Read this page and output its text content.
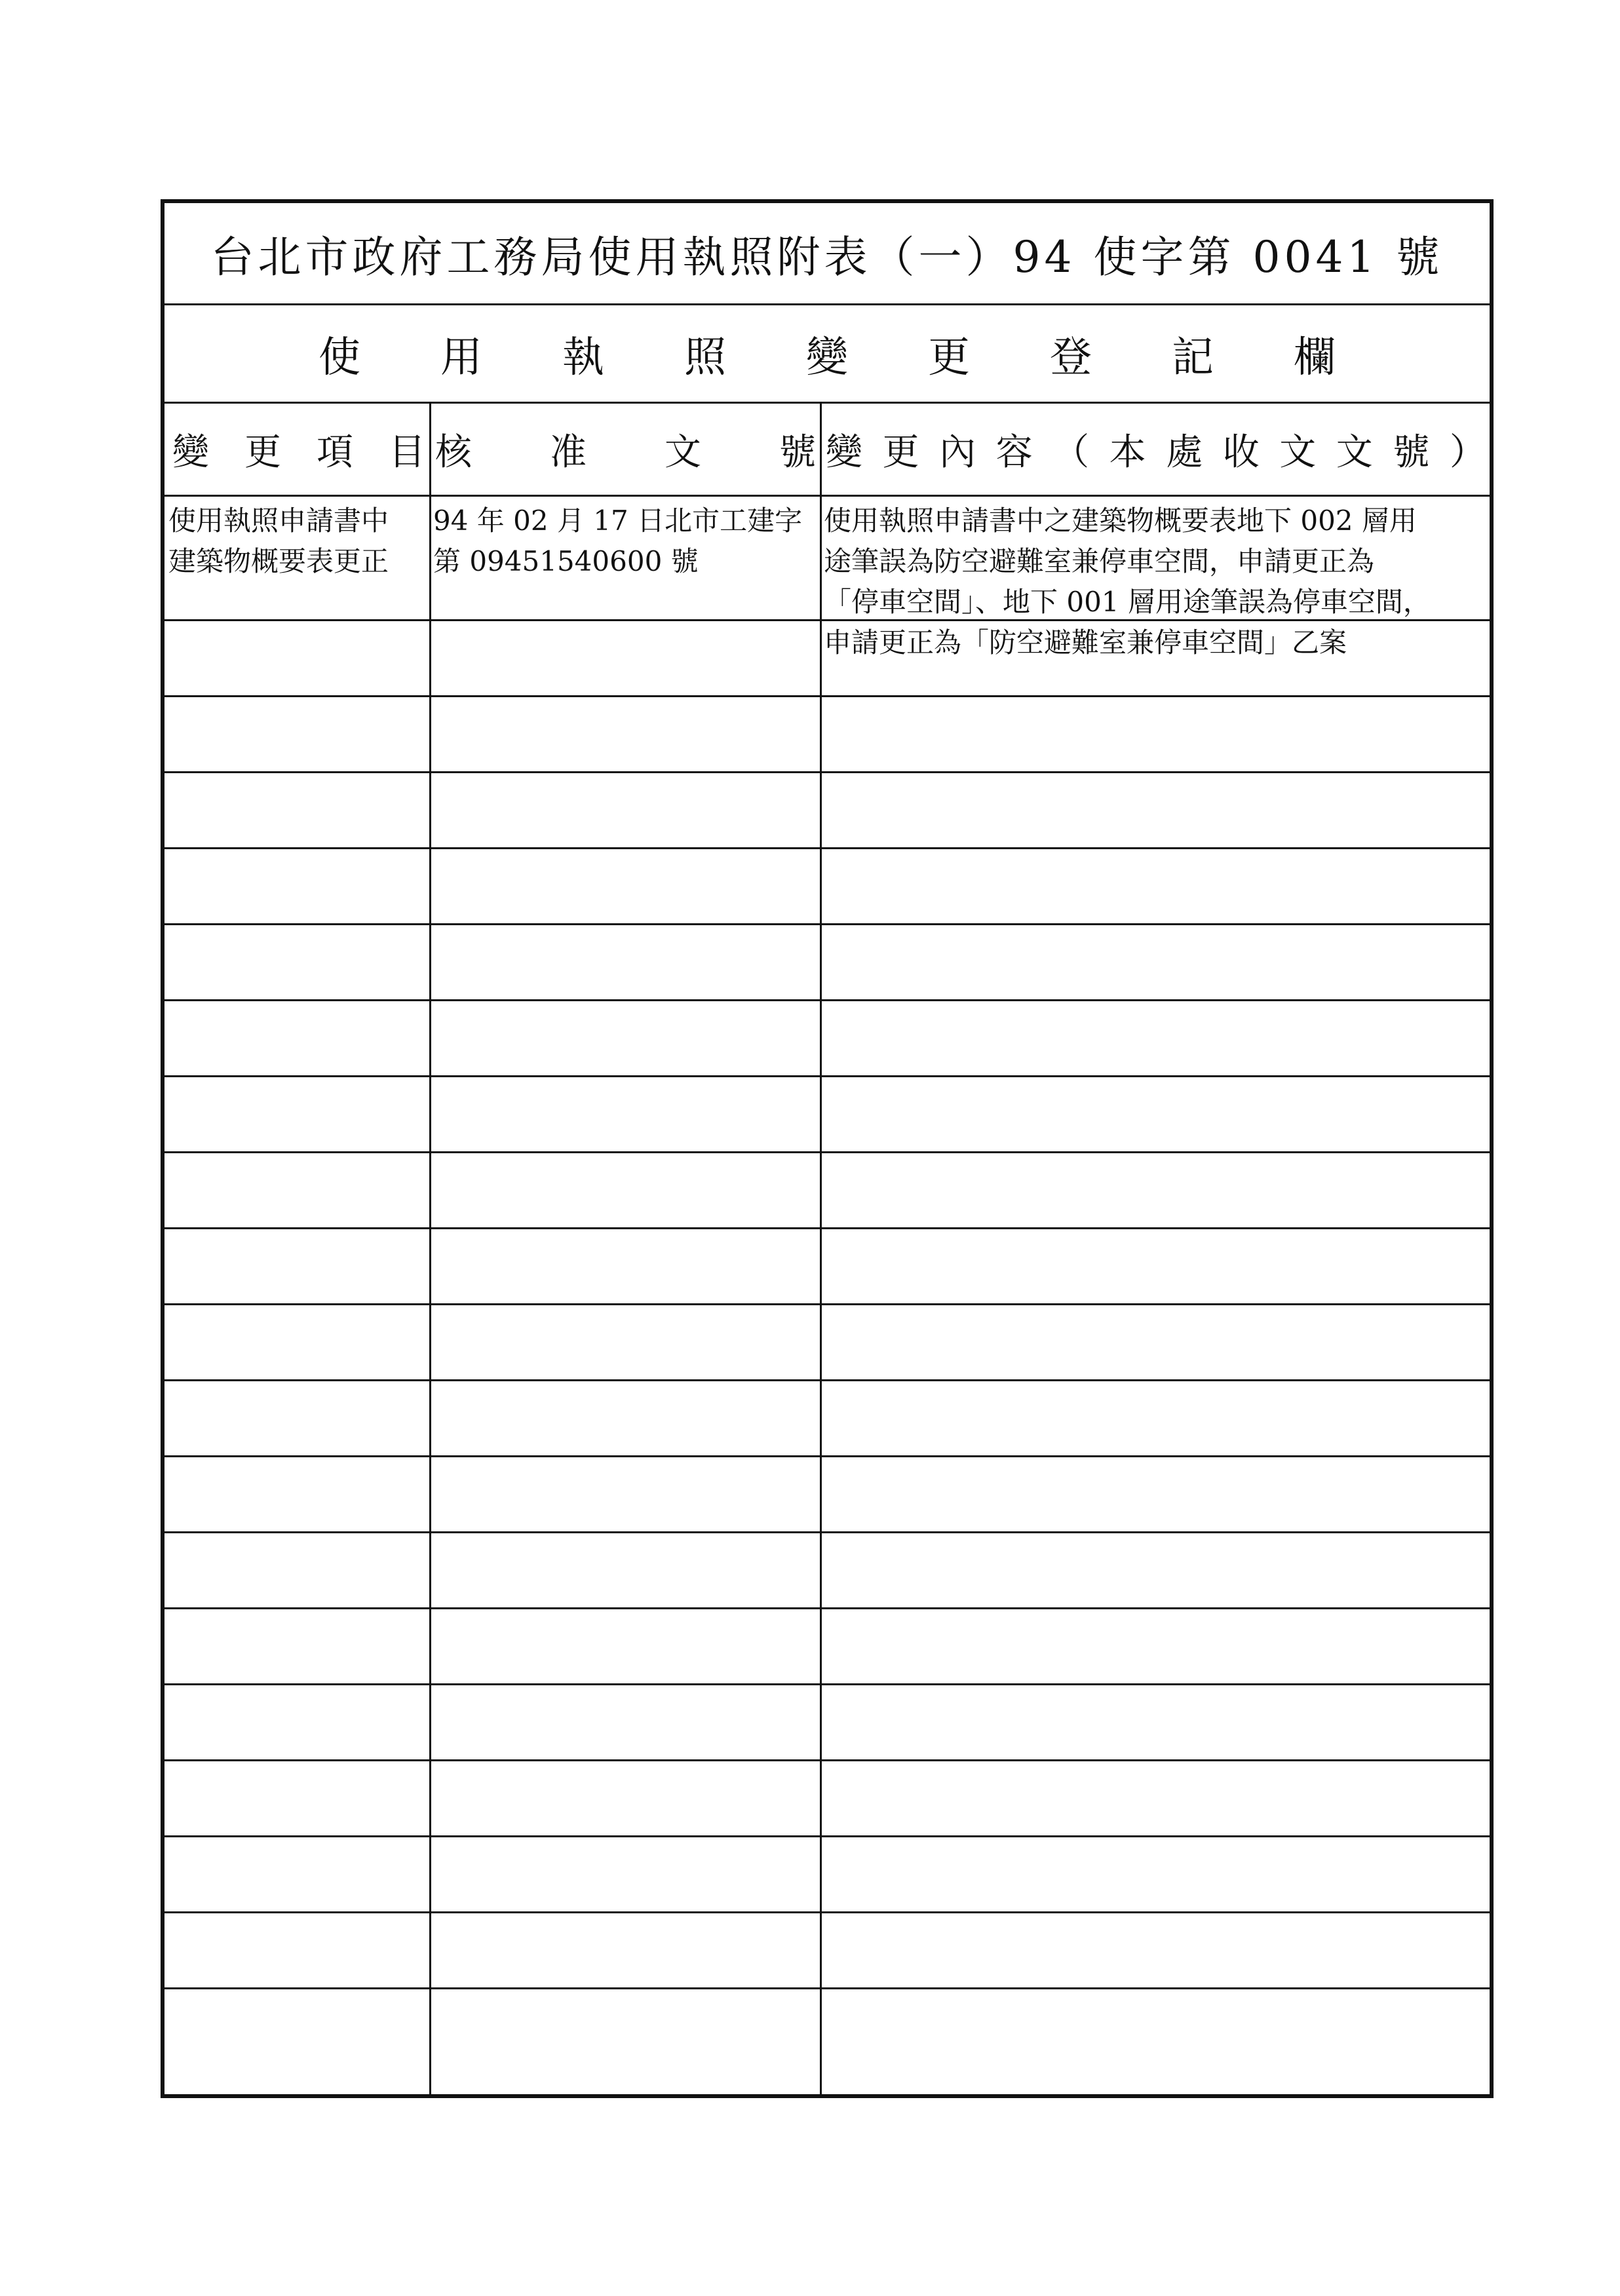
台北市政府工務局使用執照附表（一）94 使字第 0041 號
使用執照變更登記欄
變 更 項 目 核 准 文 號 變 更 內 容 （ 本 處 收 文 文 號 ）
使用執照申請書中
建築物概要表更正
94 年 02 月 17 日北市工建字
第 09451540600 號
使用執照申請書中之建築物概要表地下 002 層用
途筆誤為防空避難室兼停車空間，申請更正為
「停車空間」、地下 001 層用途筆誤為停車空間，
申請更正為「防空避難室兼停車空間」乙案
